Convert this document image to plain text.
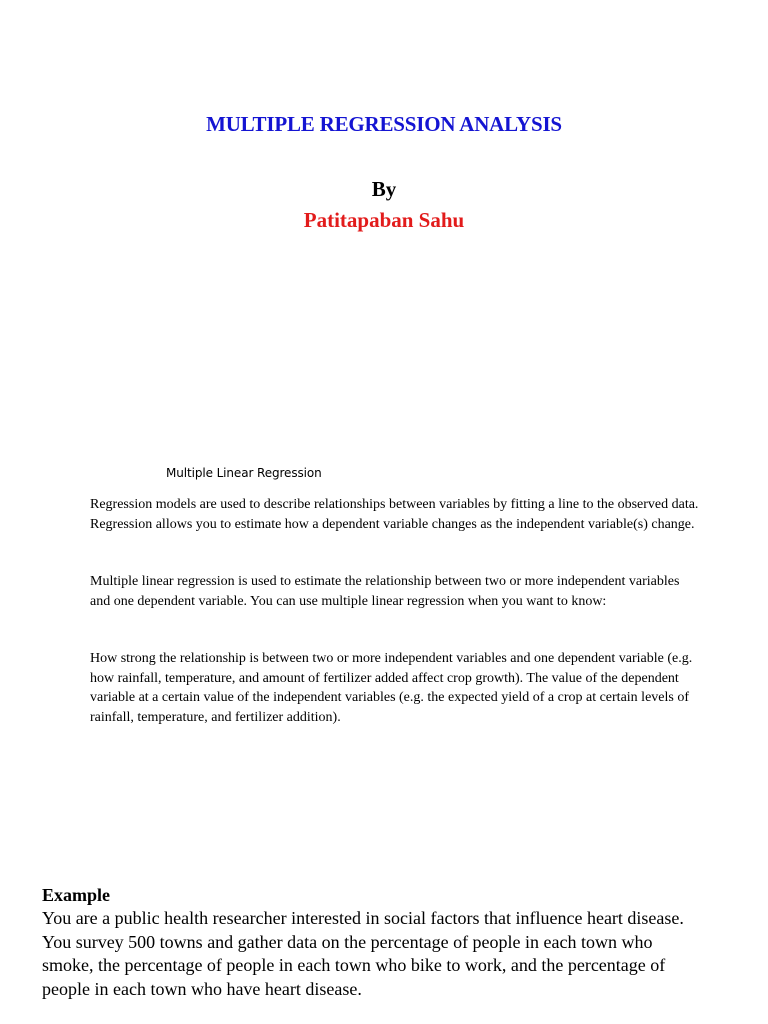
MULTIPLE REGRESSION ANALYSIS
By
Patitapaban Sahu
Multiple Linear Regression

Regression models are used to describe relationships between variables by fitting a line to the observed data. Regression allows you to estimate how a dependent variable changes as the independent variable(s) change.

Multiple linear regression is used to estimate the relationship between two or more independent variables and one dependent variable. You can use multiple linear regression when you want to know:

How strong the relationship is between two or more independent variables and one dependent variable (e.g. how rainfall, temperature, and amount of fertilizer added affect crop growth). The value of the dependent variable at a certain value of the independent variables (e.g. the expected yield of a crop at certain levels of rainfall, temperature, and fertilizer addition).

Example

You are a public health researcher interested in social factors that influence heart disease. You survey 500 towns and gather data on the percentage of people in each town who smoke, the percentage of people in each town who bike to work, and the percentage of people in each town who have heart disease.
